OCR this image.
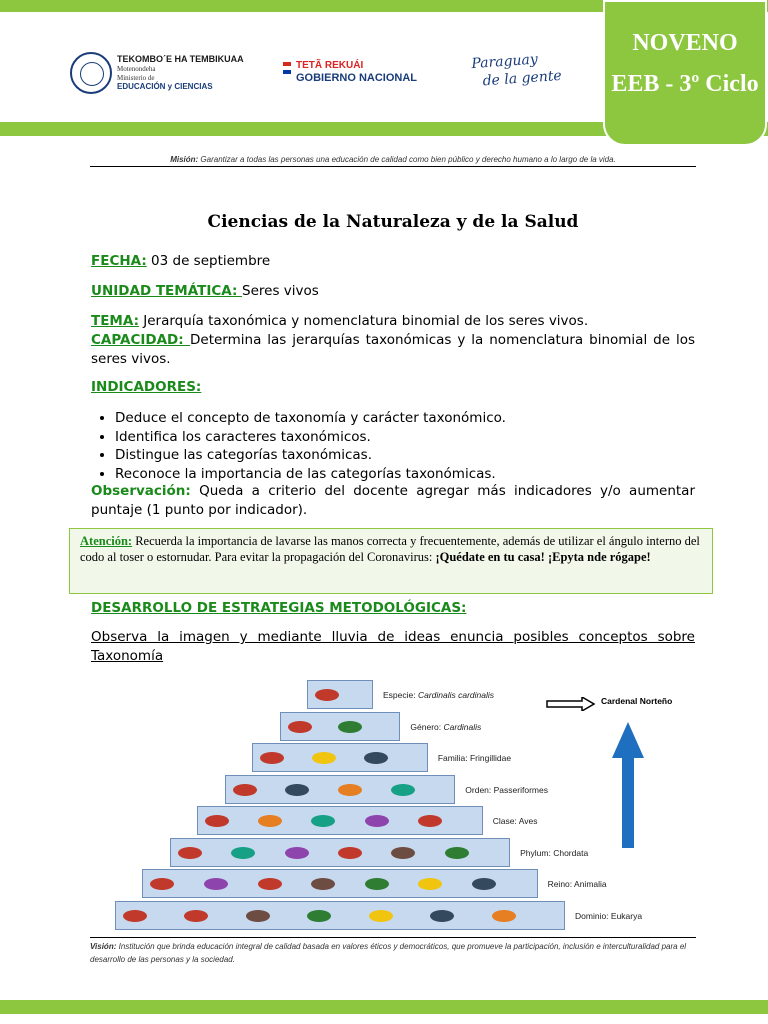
TEKOMBO´E HA TEMBIKUAA
Motenondeha
Ministerio de
EDUCACIÓN y CIENCIAS
TETÃ REKUÁI
GOBIERNO NACIONAL
Paraguay
de la gente
NOVENO
EEB - 3º Ciclo
Misión: Garantizar a todas las personas una educación de calidad como bien público y derecho humano a lo largo de la vida.
Ciencias de la Naturaleza y de la Salud
FECHA: 03 de septiembre
UNIDAD TEMÁTICA: Seres vivos
TEMA: Jerarquía taxonómica y nomenclatura binomial de los seres vivos.
CAPACIDAD: Determina las jerarquías taxonómicas y la nomenclatura binomial de los seres vivos.
INDICADORES:
• Deduce el concepto de taxonomía y carácter taxonómico.
• Identifica los caracteres taxonómicos.
• Distingue las categorías taxonómicas.
• Reconoce la importancia de las categorías taxonómicas.
Observación: Queda a criterio del docente agregar más indicadores y/o aumentar puntaje (1 punto por indicador).
Atención: Recuerda la importancia de lavarse las manos correcta y frecuentemente, además de utilizar el ángulo interno del codo al toser o estornudar. Para evitar la propagación del Coronavirus: ¡Quédate en tu casa! ¡Epyta nde rógape!
DESARROLLO DE ESTRATEGIAS METODOLÓGICAS:
Observa la imagen y mediante lluvia de ideas enuncia posibles conceptos sobre Taxonomía
Cardenal Norteño
Especie: Cardinalis cardinalis
Género: Cardinalis
Familia: Fringillidae
Orden: Passeriformes
Clase: Aves
Phylum: Chordata
Reino: Animalia
Dominio: Eukarya
Visión: Institución que brinda educación integral de calidad basada en valores éticos y democráticos, que promueve la participación, inclusión e interculturalidad para el desarrollo de las personas y la sociedad.
